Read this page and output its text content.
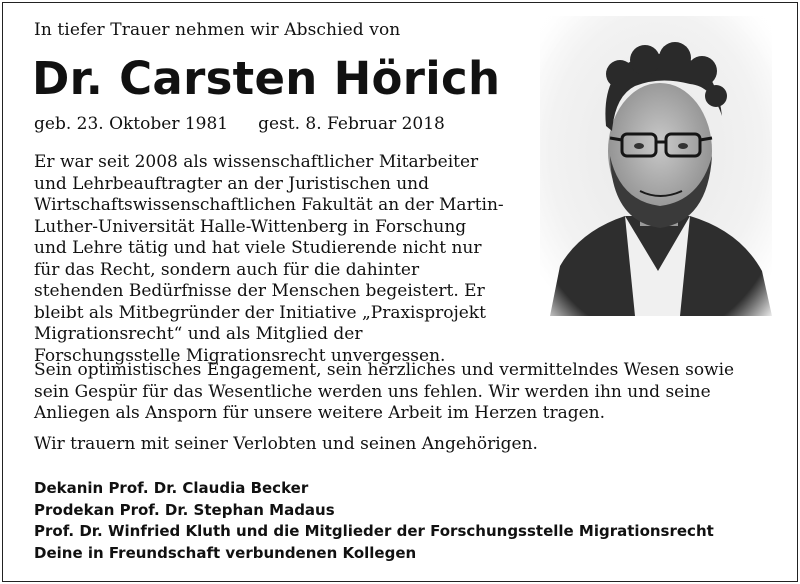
In tiefer Trauer nehmen wir Abschied von
Dr. Carsten Hörich
geb. 23. Oktober 1981 gest. 8. Februar 2018

Er war seit 2008 als wissenschaftlicher Mitarbeiter und Lehrbeauftragter an der Juristischen und Wirtschaftswissenschaftlichen Fakultät an der Martin-Luther-Universität Halle-Wittenberg in Forschung und Lehre tätig und hat viele Studierende nicht nur für das Recht, sondern auch für die dahinter stehenden Bedürfnisse der Menschen begeistert. Er bleibt als Mitbegründer der Initiative „Praxisprojekt Migrationsrecht“ und als Mitglied der Forschungsstelle Migrationsrecht unvergessen.

Sein optimistisches Engagement, sein herzliches und vermittelndes Wesen sowie sein Gespür für das Wesentliche werden uns fehlen. Wir werden ihn und seine Anliegen als Ansporn für unsere weitere Arbeit im Herzen tragen.

Wir trauern mit seiner Verlobten und seinen Angehörigen.

Dekanin Prof. Dr. Claudia Becker
Prodekan Prof. Dr. Stephan Madaus
Prof. Dr. Winfried Kluth und die Mitglieder der Forschungsstelle Migrationsrecht
Deine in Freundschaft verbundenen Kollegen
